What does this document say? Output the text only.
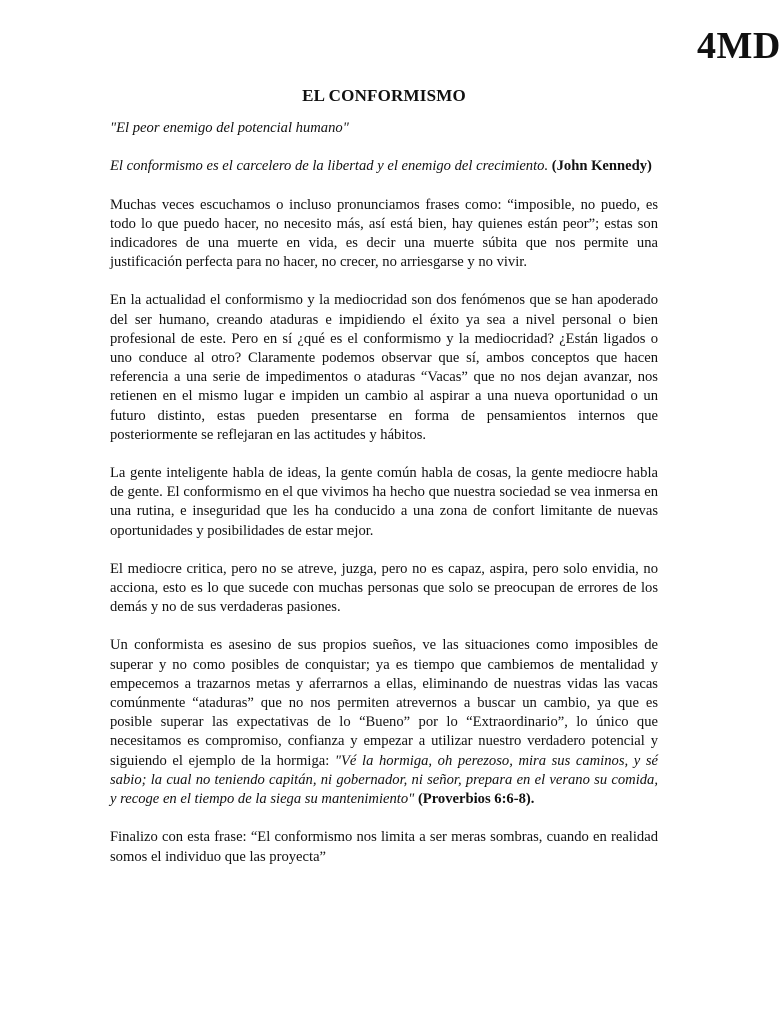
4MD
EL CONFORMISMO

"El peor enemigo del potencial humano"

El conformismo es el carcelero de la libertad y el enemigo del crecimiento. (John Kennedy)

Muchas veces escuchamos o incluso pronunciamos frases como: “imposible, no puedo, es todo lo que puedo hacer, no necesito más, así está bien, hay quienes están peor”; estas son indicadores de una muerte en vida, es decir una muerte súbita que nos permite una justificación perfecta para no hacer, no crecer, no arriesgarse y no vivir.

En la actualidad el conformismo y la mediocridad son dos fenómenos que se han apoderado del ser humano, creando ataduras e impidiendo el éxito ya sea a nivel personal o bien profesional de este. Pero en sí ¿qué es el conformismo y la mediocridad? ¿Están ligados o uno conduce al otro? Claramente podemos observar que sí, ambos conceptos que hacen referencia a una serie de impedimentos o ataduras “Vacas” que no nos dejan avanzar, nos retienen en el mismo lugar e impiden un cambio al aspirar a una nueva oportunidad o un futuro distinto, estas pueden presentarse en forma de pensamientos internos que posteriormente se reflejaran en las actitudes y hábitos.

La gente inteligente habla de ideas, la gente común habla de cosas, la gente mediocre habla de gente. El conformismo en el que vivimos ha hecho que nuestra sociedad se vea inmersa en una rutina, e inseguridad que les ha conducido a una zona de confort limitante de nuevas oportunidades y posibilidades de estar mejor.

El mediocre critica, pero no se atreve, juzga, pero no es capaz, aspira, pero solo envidia, no acciona, esto es lo que sucede con muchas personas que solo se preocupan de errores de los demás y no de sus verdaderas pasiones.

Un conformista es asesino de sus propios sueños, ve las situaciones como imposibles de superar y no como posibles de conquistar; ya es tiempo que cambiemos de mentalidad y empecemos a trazarnos metas y aferrarnos a ellas, eliminando de nuestras vidas las vacas comúnmente “ataduras” que no nos permiten atrevernos a buscar un cambio, ya que es posible superar las expectativas de lo “Bueno” por lo “Extraordinario”, lo único que necesitamos es compromiso, confianza y empezar a utilizar nuestro verdadero potencial y siguiendo el ejemplo de la hormiga: "Vé la hormiga, oh perezoso, mira sus caminos, y sé sabio; la cual no teniendo capitán, ni gobernador, ni señor, prepara en el verano su comida, y recoge en el tiempo de la siega su mantenimiento" (Proverbios 6:6-8).

Finalizo con esta frase: “El conformismo nos limita a ser meras sombras, cuando en realidad somos el individuo que las proyecta”
